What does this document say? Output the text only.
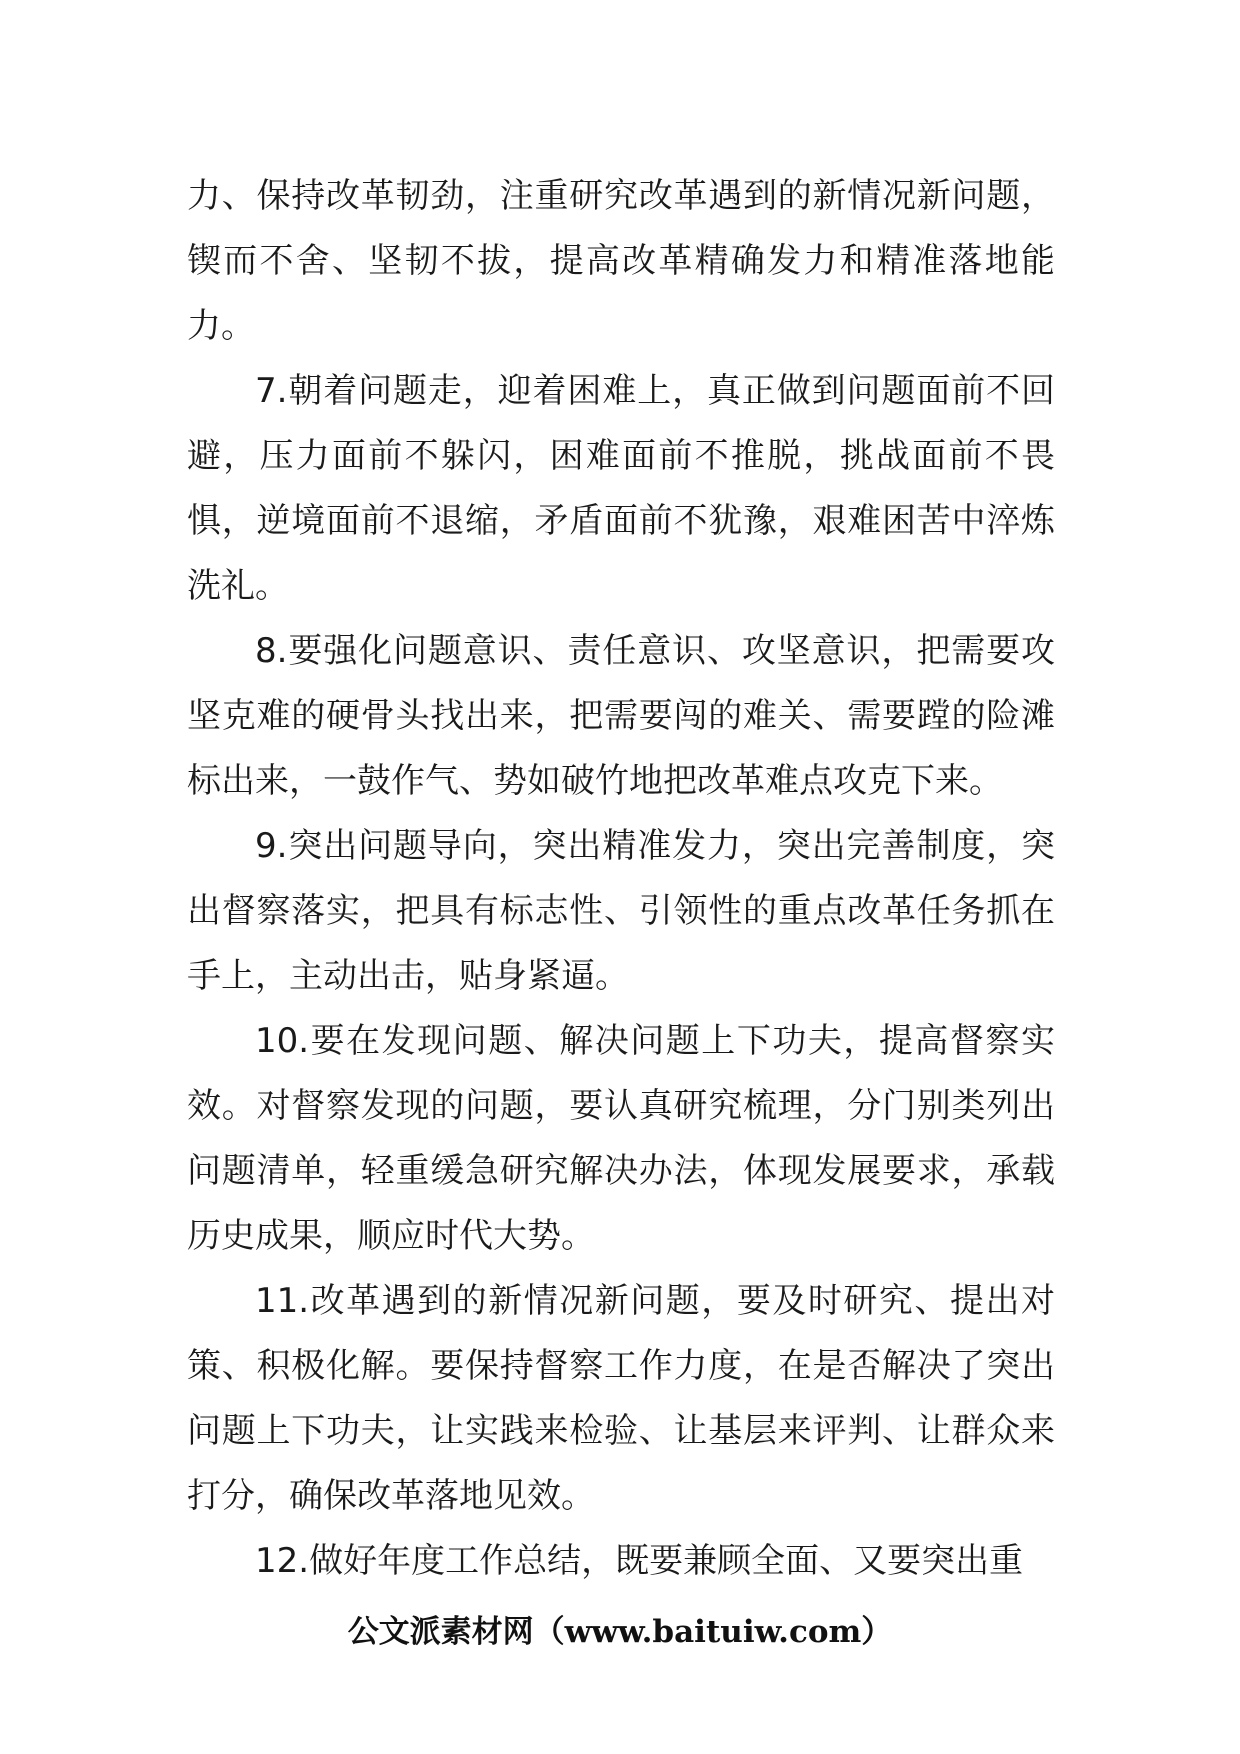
力、保持改革韧劲，注重研究改革遇到的新情况新问题，锲而不舍、坚韧不拔，提高改革精确发力和精准落地能力。

7.朝着问题走，迎着困难上，真正做到问题面前不回避，压力面前不躲闪，困难面前不推脱，挑战面前不畏惧，逆境面前不退缩，矛盾面前不犹豫，艰难困苦中淬炼洗礼。

8.要强化问题意识、责任意识、攻坚意识，把需要攻坚克难的硬骨头找出来，把需要闯的难关、需要蹚的险滩标出来，一鼓作气、势如破竹地把改革难点攻克下来。

9.突出问题导向，突出精准发力，突出完善制度，突出督察落实，把具有标志性、引领性的重点改革任务抓在手上，主动出击，贴身紧逼。

10.要在发现问题、解决问题上下功夫，提高督察实效。对督察发现的问题，要认真研究梳理，分门别类列出问题清单，轻重缓急研究解决办法，体现发展要求，承载历史成果，顺应时代大势。

11.改革遇到的新情况新问题，要及时研究、提出对策、积极化解。要保持督察工作力度，在是否解决了突出问题上下功夫，让实践来检验、让基层来评判、让群众来打分，确保改革落地见效。

12.做好年度工作总结，既要兼顾全面、又要突出重

公文派素材网（www.baituiw.com）
